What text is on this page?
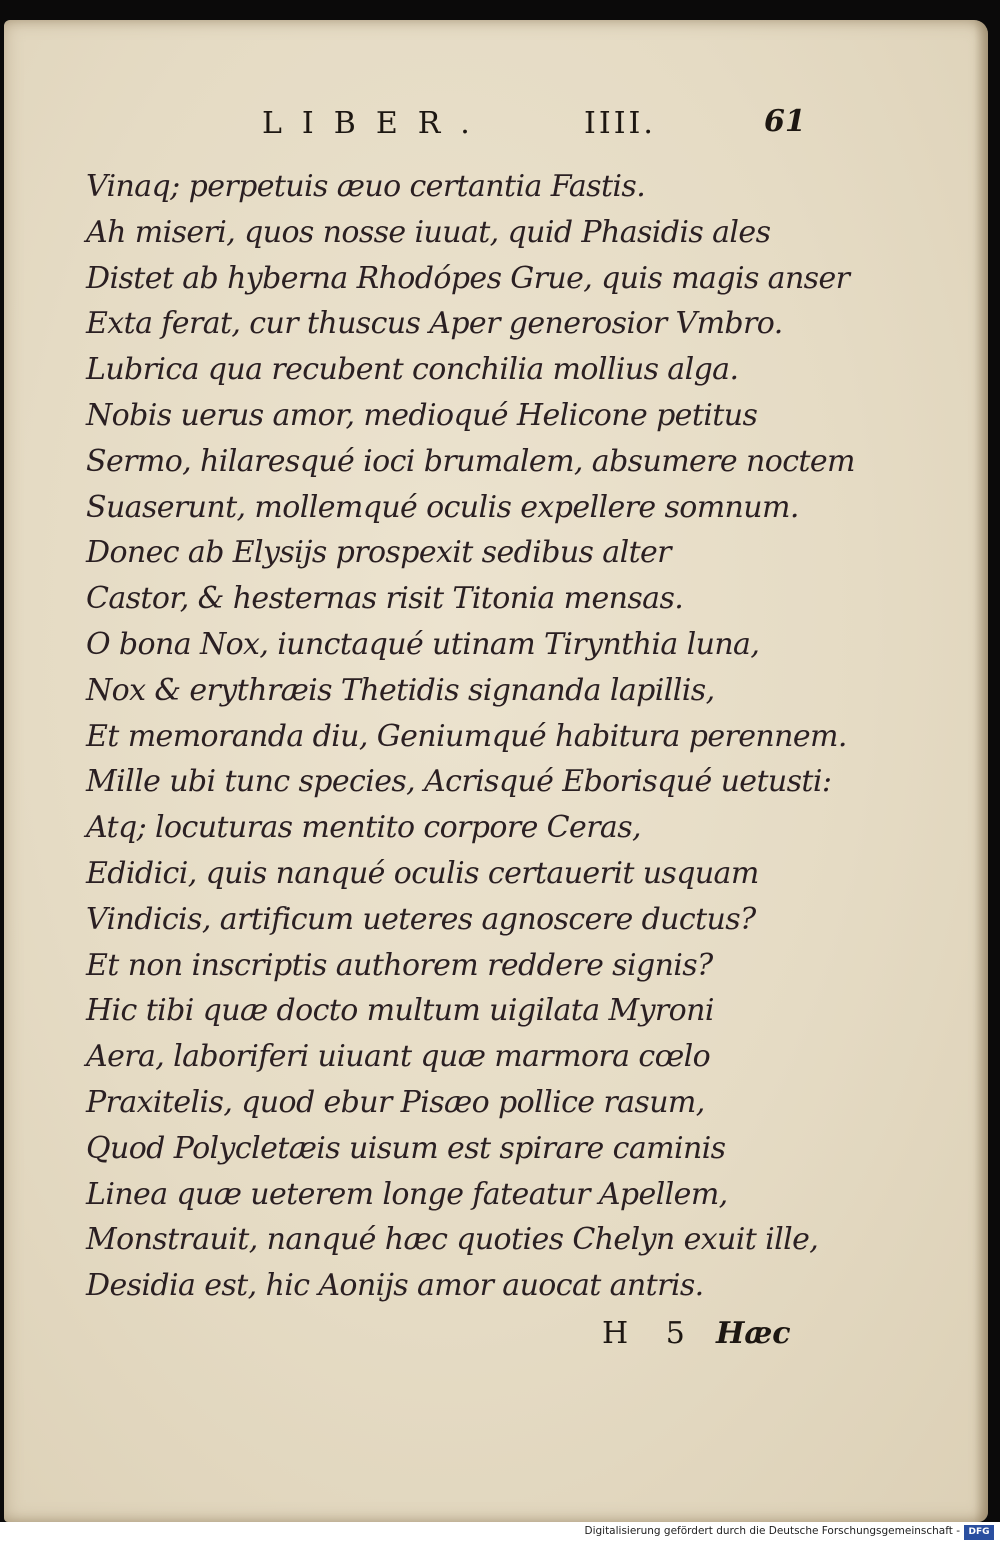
LIBER.	IIII.	61
Vinaq; perpetuis æuo certantia Fastis.
Ah miseri, quos nosse iuuat, quid Phasidis ales
Distet ab hyberna Rhodópes Grue, quis magis anser
Exta ferat, cur thuscus Aper generosior Vmbro.
Lubrica qua recubent conchilia mollius alga.
Nobis uerus amor, medioqué Helicone petitus
Sermo, hilaresqué ioci brumalem, absumere noctem
Suaserunt, mollemqué oculis expellere somnum.
Donec ab Elysijs prospexit sedibus alter
Castor, & hesternas risit Titonia mensas.
O bona Nox, iunctaqué utinam Tirynthia luna,
Nox & erythræis Thetidis signanda lapillis,
Et memoranda diu, Geniumqué habitura perennem.
Mille ubi tunc species, Acrisqué Eborisqué uetusti:
Atq; locuturas mentito corpore Ceras,
Edidici, quis nanqué oculis certauerit usquam
Vindicis, artificum ueteres agnoscere ductus?
Et non inscriptis authorem reddere signis?
Hic tibi quæ docto multum uigilata Myroni
Aera, laboriferi uiuant quæ marmora cœlo
Praxitelis, quod ebur Pisæo pollice rasum,
Quod Polycletæis uisum est spirare caminis
Linea quæ ueterem longe fateatur Apellem,
Monstrauit, nanqué hæc quoties Chelyn exuit ille,
Desidia est, hic Aonijs amor auocat antris.
H 5 Hæc
Digitalisierung gefördert durch die Deutsche Forschungsgemeinschaft - DFG
